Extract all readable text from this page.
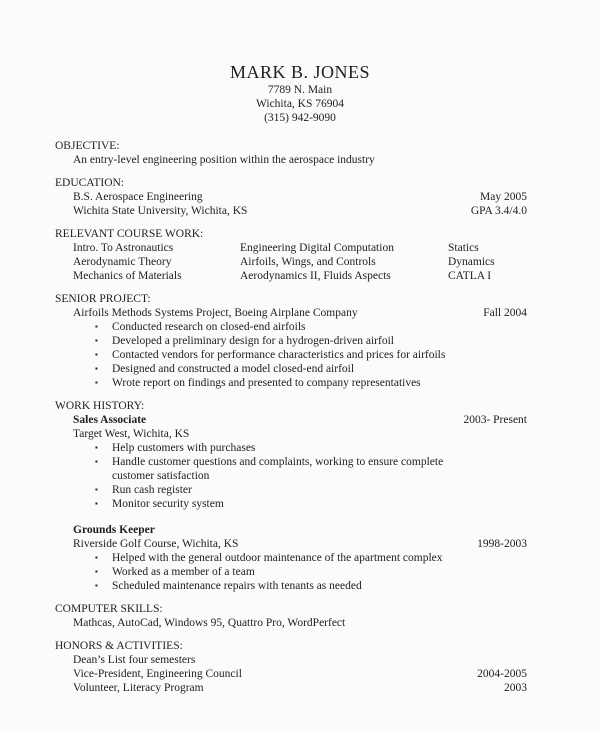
MARK B. JONES
7789 N. Main
Wichita, KS 76904
(315) 942-9090
OBJECTIVE:
An entry-level engineering position within the aerospace industry
EDUCATION:
B.S. Aerospace Engineering	May 2005
Wichita State University, Wichita, KS	GPA 3.4/4.0
RELEVANT COURSE WORK:
Intro. To Astronautics	Engineering Digital Computation	Statics
Aerodynamic Theory	Airfoils, Wings, and Controls	Dynamics
Mechanics of Materials	Aerodynamics II, Fluids Aspects	CATLA I
SENIOR PROJECT:
Airfoils Methods Systems Project, Boeing Airplane Company	Fall 2004
▪	Conducted research on closed-end airfoils
▪	Developed a preliminary design for a hydrogen-driven airfoil
▪	Contacted vendors for performance characteristics and prices for airfoils
▪	Designed and constructed a model closed-end airfoil
▪	Wrote report on findings and presented to company representatives
WORK HISTORY:
Sales Associate	2003- Present
Target West, Wichita, KS
▪	Help customers with purchases
▪	Handle customer questions and complaints, working to ensure complete customer satisfaction
▪	Run cash register
▪	Monitor security system
Grounds Keeper
Riverside Golf Course, Wichita, KS	1998-2003
▪	Helped with the general outdoor maintenance of the apartment complex
▪	Worked as a member of a team
▪	Scheduled maintenance repairs with tenants as needed
COMPUTER SKILLS:
Mathcas, AutoCad, Windows 95, Quattro Pro, WordPerfect
HONORS & ACTIVITIES:
Dean’s List four semesters
Vice-President, Engineering Council	2004-2005
Volunteer, Literacy Program	2003
